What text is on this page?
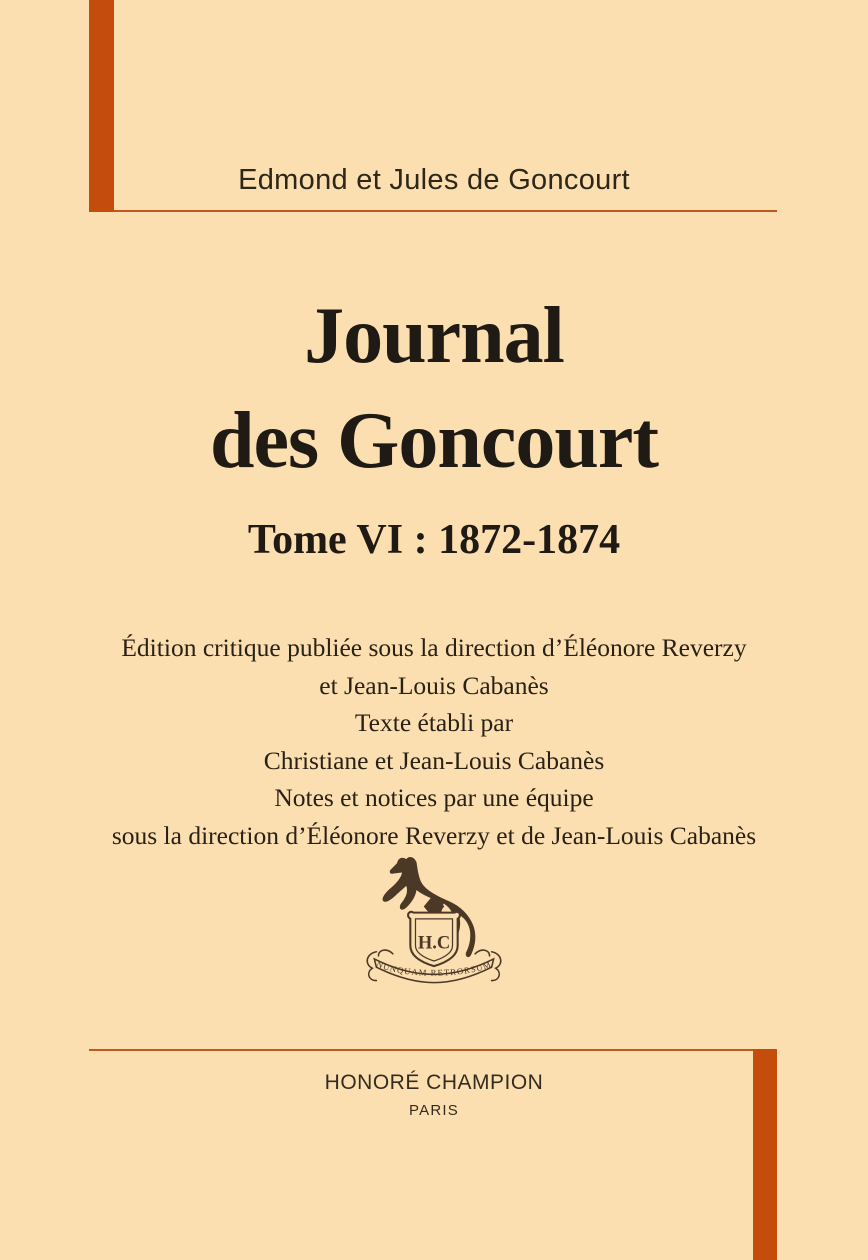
Edmond et Jules de Goncourt
Journal
des Goncourt
Tome VI : 1872-1874

Édition critique publiée sous la direction d’Éléonore Reverzy

et Jean-Louis Cabanès

Texte établi par

Christiane et Jean-Louis Cabanès

Notes et notices par une équipe

sous la direction d’Éléonore Reverzy et de Jean-Louis Cabanès

H.C
NUNQUAM RETRORSUM
HONORÉ CHAMPION
PARIS
